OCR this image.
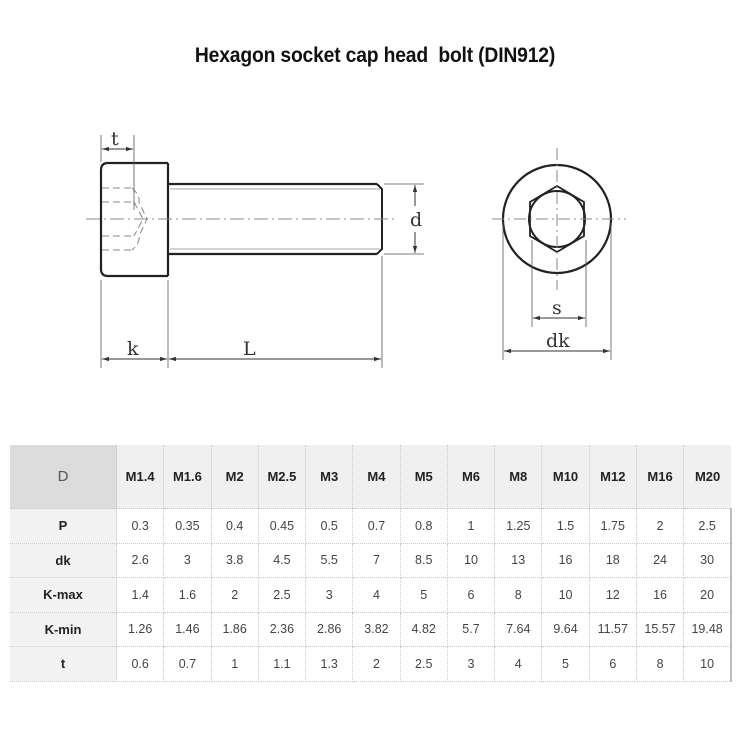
Hexagon socket cap head  bolt (DIN912)
t
d
k	L
s
dk
D	M1.4	M1.6	M2	M2.5	M3	M4	M5	M6	M8	M10	M12	M16	M20
P	0.3	0.35	0.4	0.45	0.5	0.7	0.8	1	1.25	1.5	1.75	2	2.5
dk	2.6	3	3.8	4.5	5.5	7	8.5	10	13	16	18	24	30
K-max	1.4	1.6	2	2.5	3	4	5	6	8	10	12	16	20
K-min	1.26	1.46	1.86	2.36	2.86	3.82	4.82	5.7	7.64	9.64	11.57	15.57	19.48
t	0.6	0.7	1	1.1	1.3	2	2.5	3	4	5	6	8	10
